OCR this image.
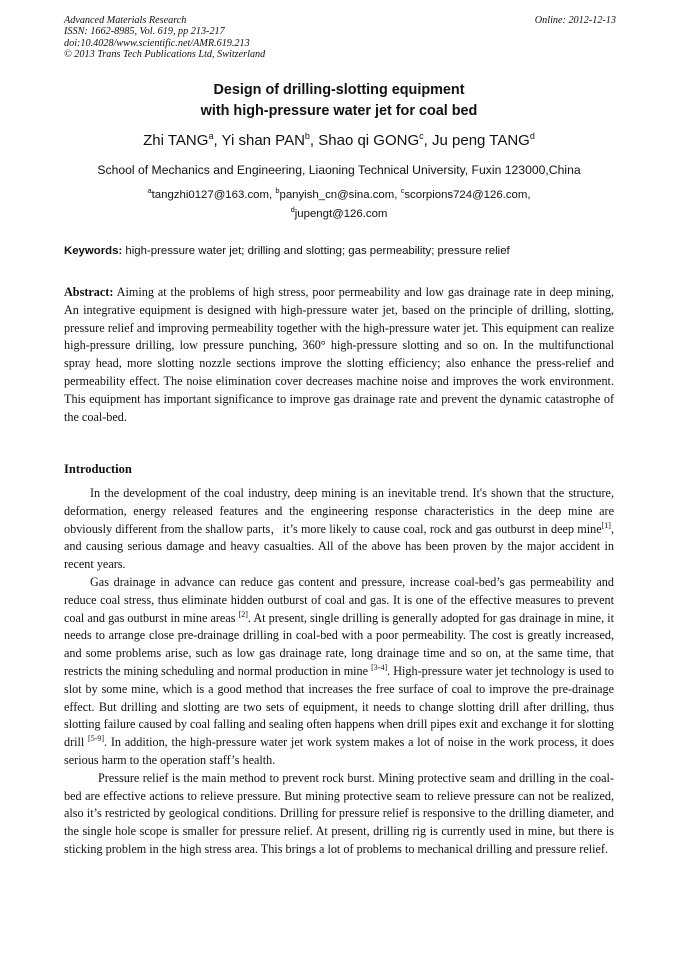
Advanced Materials Research
ISSN: 1662-8985, Vol. 619, pp 213-217
doi:10.4028/www.scientific.net/AMR.619.213
© 2013 Trans Tech Publications Ltd, Switzerland
Online: 2012-12-13
Design of drilling-slotting equipment
with high-pressure water jet for coal bed
Zhi TANG$^a$, Yi shan PAN$^b$, Shao qi GONG$^c$, Ju peng TANG$^d$
School of Mechanics and Engineering, Liaoning Technical University, Fuxin 123000,China
$^a$tangzhi0127@163.com, $^b$panyish_cn@sina.com, $^c$scorpions724@126.com,
$^d$jupengt@126.com
Keywords: high-pressure water jet; drilling and slotting; gas permeability; pressure relief

Abstract: Aiming at the problems of high stress, poor permeability and low gas drainage rate in deep mining, An integrative equipment is designed with high-pressure water jet, based on the principle of drilling, slotting, pressure relief and improving permeability together with the high-pressure water jet. This equipment can realize high-pressure drilling, low pressure punching, 360° high-pressure slotting and so on. In the multifunctional spray head, more slotting nozzle sections improve the slotting efficiency; also enhance the press-relief and permeability effect. The noise elimination cover decreases machine noise and improves the work environment. This equipment has important significance to improve gas drainage rate and prevent the dynamic catastrophe of the coal-bed.

Introduction

In the development of the coal industry, deep mining is an inevitable trend. It's shown that the structure, deformation, energy released features and the engineering response characteristics in the deep mine are obviously different from the shallow parts，it’s more likely to cause coal, rock and gas outburst in deep mine[1], and causing serious damage and heavy casualties. All of the above has been proven by the major accident in recent years.

Gas drainage in advance can reduce gas content and pressure, increase coal-bed’s gas permeability and reduce coal stress, thus eliminate hidden outburst of coal and gas. It is one of the effective measures to prevent coal and gas outburst in mine areas [2]. At present, single drilling is generally adopted for gas drainage in mine, it needs to arrange close pre-drainage drilling in coal-bed with a poor permeability. The cost is greatly increased, and some problems arise, such as low gas drainage rate, long drainage time and so on, at the same time, that restricts the mining scheduling and normal production in mine [3-4]. High-pressure water jet technology is used to slot by some mine, which is a good method that increases the free surface of coal to improve the pre-drainage effect. But drilling and slotting are two sets of equipment, it needs to change slotting drill after drilling, thus slotting failure caused by coal falling and sealing often happens when drill pipes exit and exchange it for slotting drill [5-9]. In addition, the high-pressure water jet work system makes a lot of noise in the work process, it does serious harm to the operation staff’s health.

Pressure relief is the main method to prevent rock burst. Mining protective seam and drilling in the coal-bed are effective actions to relieve pressure. But mining protective seam to relieve pressure can not be realized, also it’s restricted by geological conditions. Drilling for pressure relief is responsive to the drilling diameter, and the single hole scope is smaller for pressure relief. At present, drilling rig is currently used in mine, but there is sticking problem in the high stress area. This brings a lot of problems to mechanical drilling and pressure relief.
